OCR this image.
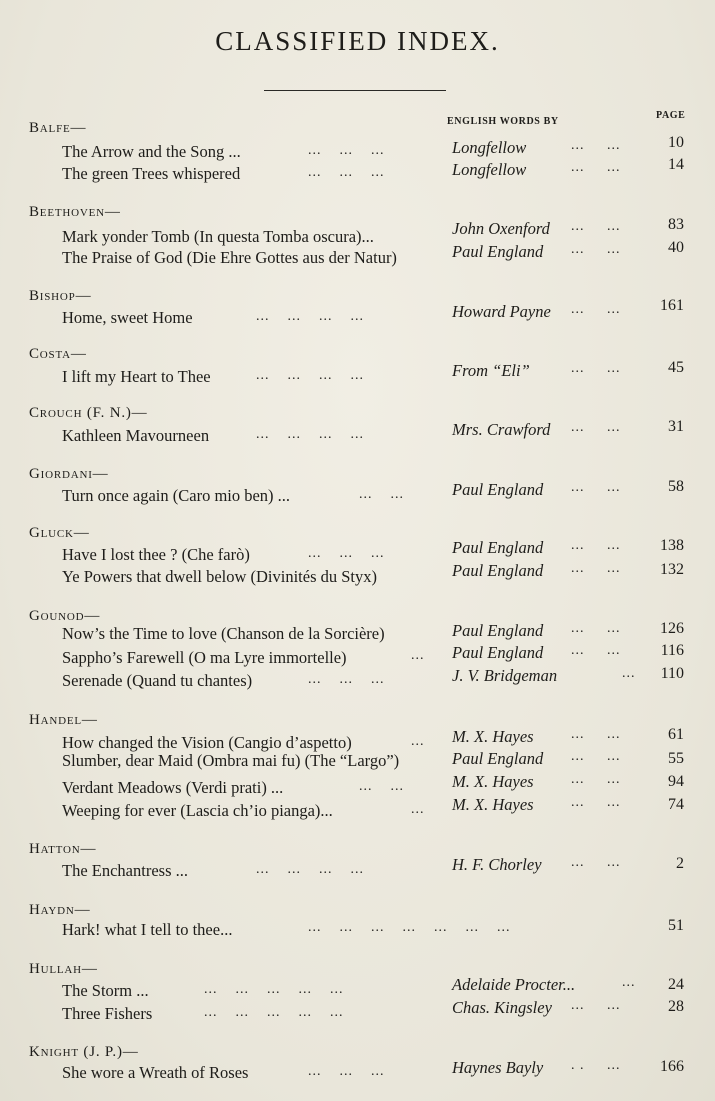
CLASSIFIED INDEX.
ENGLISH WORDS BY
PAGE
Balfe—
The Arrow and the Song ...	...    ...    ...	Longfellow	...     ...	10
The green Trees whispered	...    ...    ...	Longfellow	...     ...	14
Beethoven—
Mark yonder Tomb (In questa Tomba oscura)...	John Oxenford ...     ...	83
The Praise of God (Die Ehre Gottes aus der Natur)	Paul England ...     ...	40
Bishop—
Home, sweet Home	...    ...    ...    ...	Howard Payne ...     ... 161
Costa—
I lift my Heart to Thee	...    ...    ...    ...	From “Eli”	...     ...	45
Crouch (F. N.)—
Kathleen Mavourneen	...    ...    ...    ...	Mrs. Crawford ...     ...	31
Giordani—
Turn once again (Caro mio ben) ...	...    ...	Paul England ...     ...	58
Gluck—
Have I lost thee ? (Che farò)	...    ...    ...	Paul England ...     ... 138
Ye Powers that dwell below (Divinités du Styx)	Paul England ...     ... 132
Gounod—
Now’s the Time to love (Chanson de la Sorcière)	Paul England ...     ... 126
Sappho’s Farewell (O ma Lyre immortelle)	... Paul England ...     ...	116
Serenade (Quand tu chantes)	...    ...    ...	J. V. Bridgeman	... 110
Handel—
How changed the Vision (Cangio d’aspetto)	... M. X. Hayes	...     ...	61
Slumber, dear Maid (Ombra mai fu) (The “Largo”)	Paul England ...     ...	55
Verdant Meadows (Verdi prati) ...	...    ...	M. X. Hayes	...     ...	94
Weeping for ever (Lascia ch’io pianga)...	... M. X. Hayes	...     ...	74
Hatton—
The Enchantress ...	...    ...    ...    ...	H. F. Chorley ...     ...	2
Haydn—
Hark! what I tell to thee...	...    ...    ...    ...    ...    ...    ...	51
Hullah—
The Storm ...	...    ...    ...    ...    ...	Adelaide Procter...	... 24
Three Fishers	...    ...    ...    ...    ...	Chas. Kingsley ...     ...	28
Knight (J. P.)—
She wore a Wreath of Roses	...    ...    ...	Haynes Bayly . .     ... 166
